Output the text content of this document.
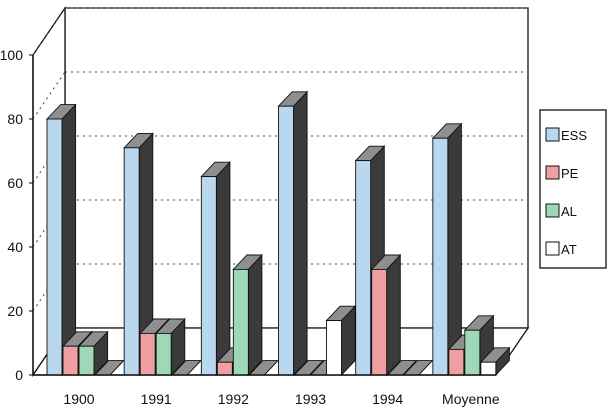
0
20
40
60
80
100
1900	1991	1992	1993	1994	Moyenne
ESS
PE
AL
AT
